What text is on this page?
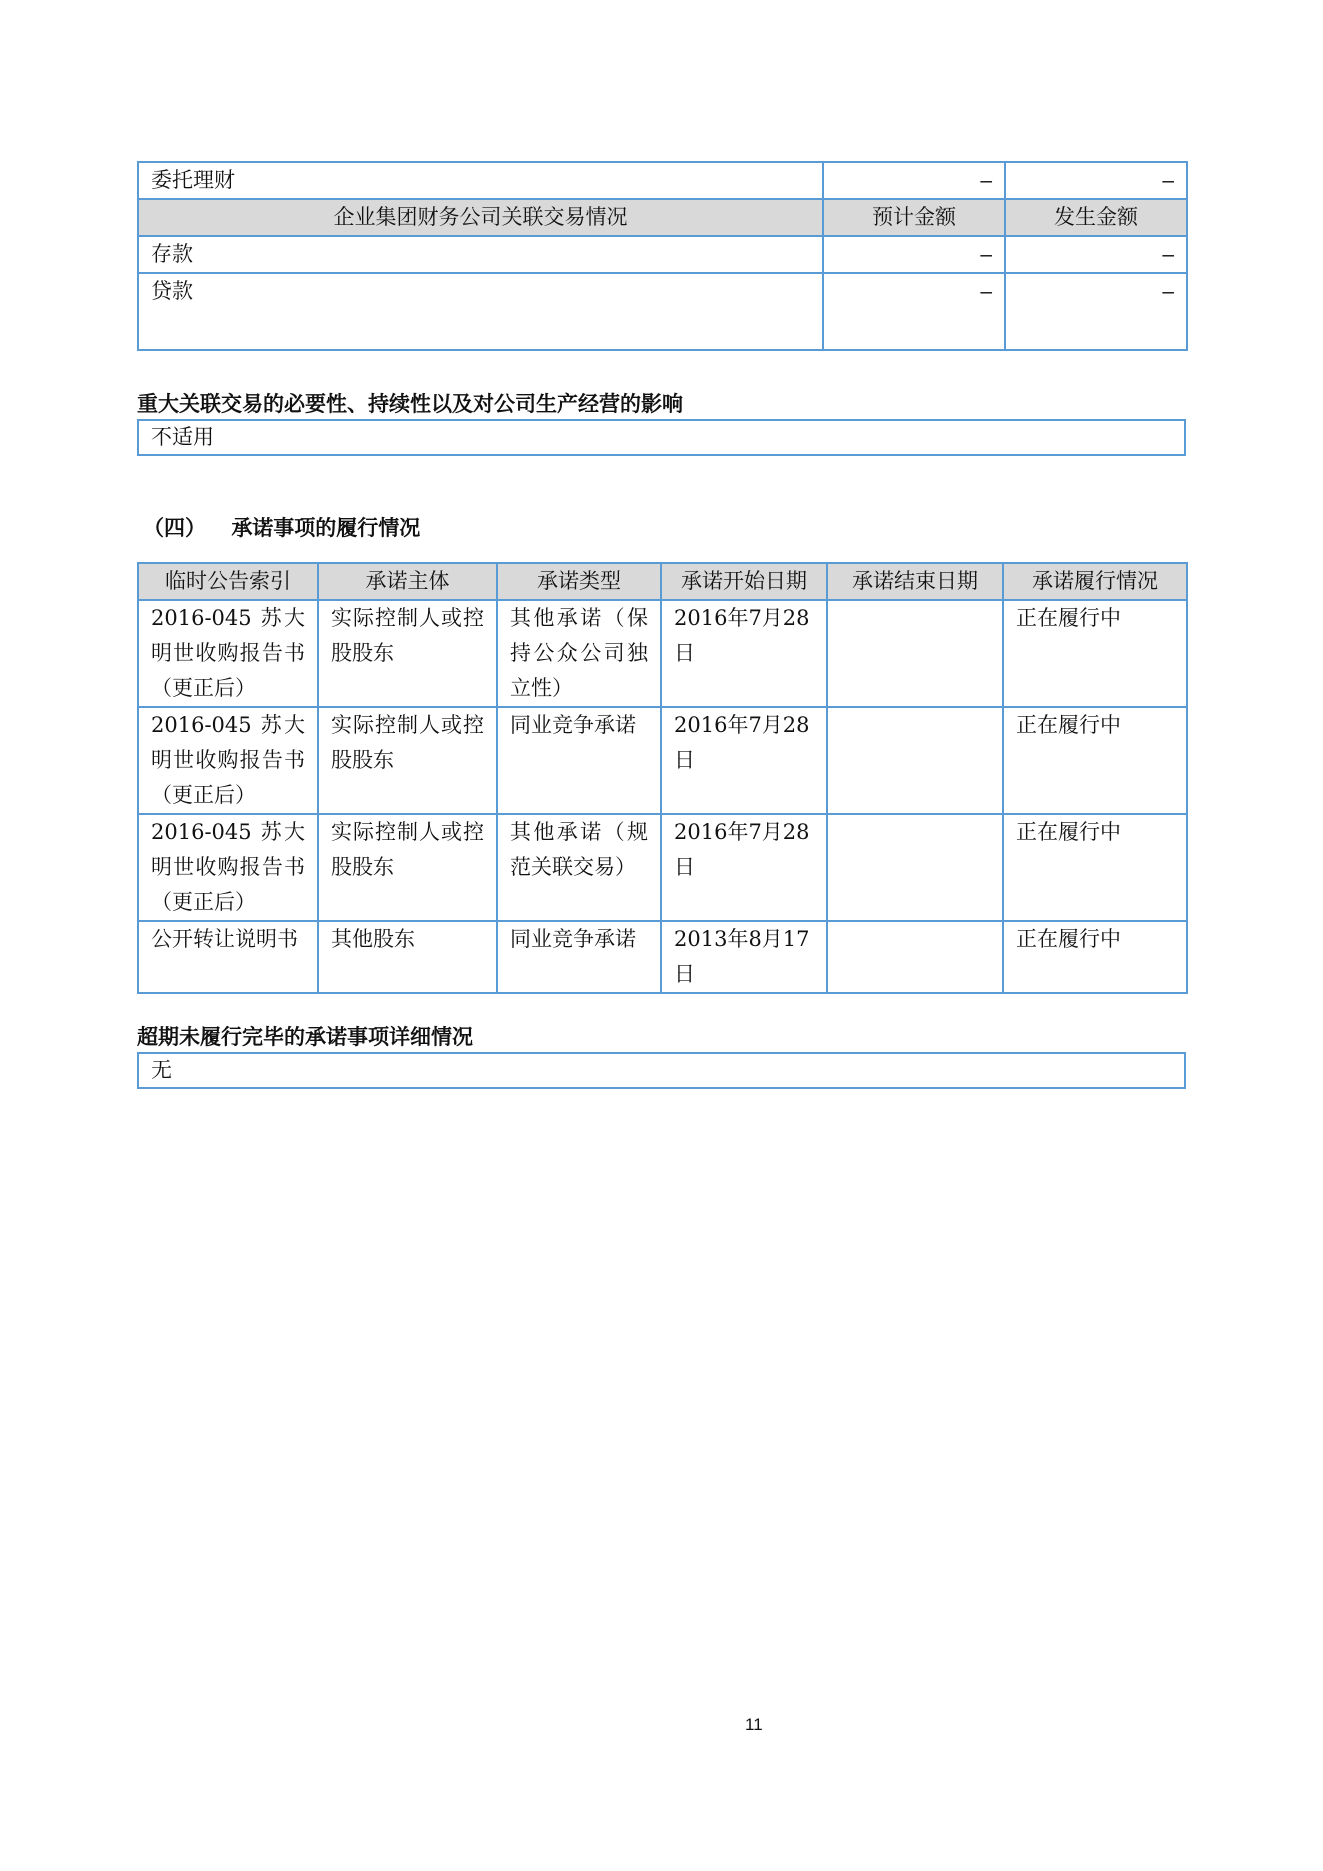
委托理财	–	–
企业集团财务公司关联交易情况	预计金额	发生金额
存款	–	–
贷款	–	–
重大关联交易的必要性、持续性以及对公司生产经营的影响
不适用
（四） 承诺事项的履行情况
临时公告索引	承诺主体	承诺类型	承诺开始日期	承诺结束日期	承诺履行情况
2016-045 苏大明世收购报告书（更正后）	实际控制人或控股股东	其他承诺（保持公众公司独立性）	2016年7月28日		正在履行中
2016-045 苏大明世收购报告书（更正后）	实际控制人或控股股东	同业竞争承诺	2016年7月28日		正在履行中
2016-045 苏大明世收购报告书（更正后）	实际控制人或控股股东	其他承诺（规范关联交易）	2016年7月28日		正在履行中
公开转让说明书	其他股东	同业竞争承诺	2013年8月17日		正在履行中
超期未履行完毕的承诺事项详细情况
无
11
